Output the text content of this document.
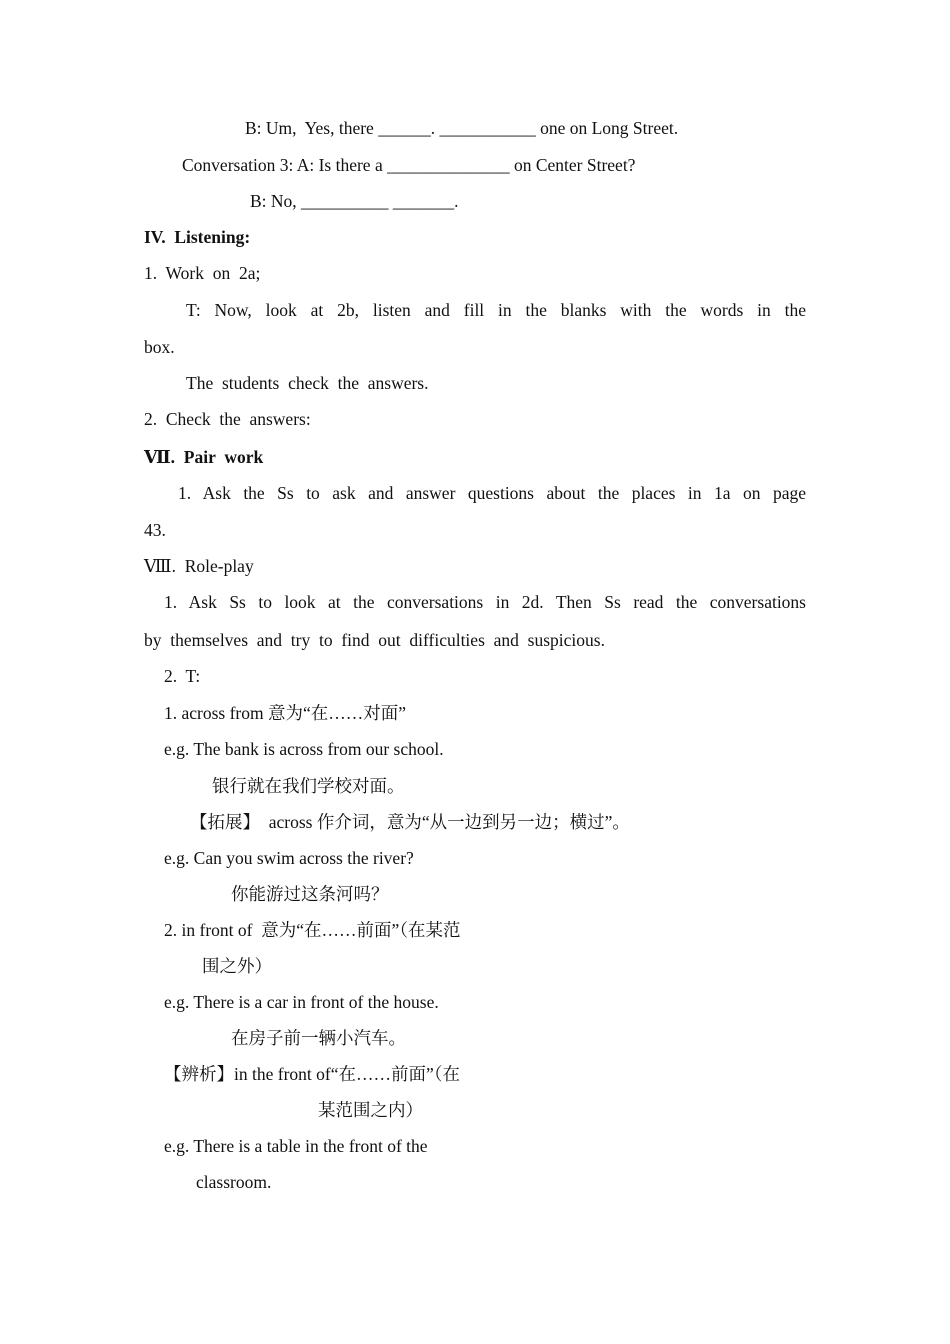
B: Um,  Yes, there ______. ___________ one on Long Street.
Conversation 3: A: Is there a ______________ on Center Street?
B: No, __________ _______.
IV.  Listening:
1.  Work  on  2a;
T: Now, look at 2b, listen and fill in the blanks with the words in the
box.
The  students  check  the  answers.
2.  Check  the  answers:
Ⅶ.  Pair  work
1. Ask the Ss to ask and answer questions about the places in 1a on page
43.
Ⅷ.  Role-play
1. Ask Ss to look at the conversations in 2d. Then Ss read the conversations
by  themselves  and  try  to  find  out  difficulties  and  suspicious.
2.  T:
1. across from 意为“在……对面”
e.g. The bank is across from our school.
银行就在我们学校对面。
【拓展】  across 作介词，意为“从一边到另一边；横过”。
e.g. Can you swim across the river?
你能游过这条河吗？
2. in front of  意为“在……前面”（在某范
围之外）
e.g. There is a car in front of the house.
在房子前一辆小汽车。
【辨析】in the front of“在……前面”（在
某范围之内）
e.g. There is a table in the front of the
classroom.
